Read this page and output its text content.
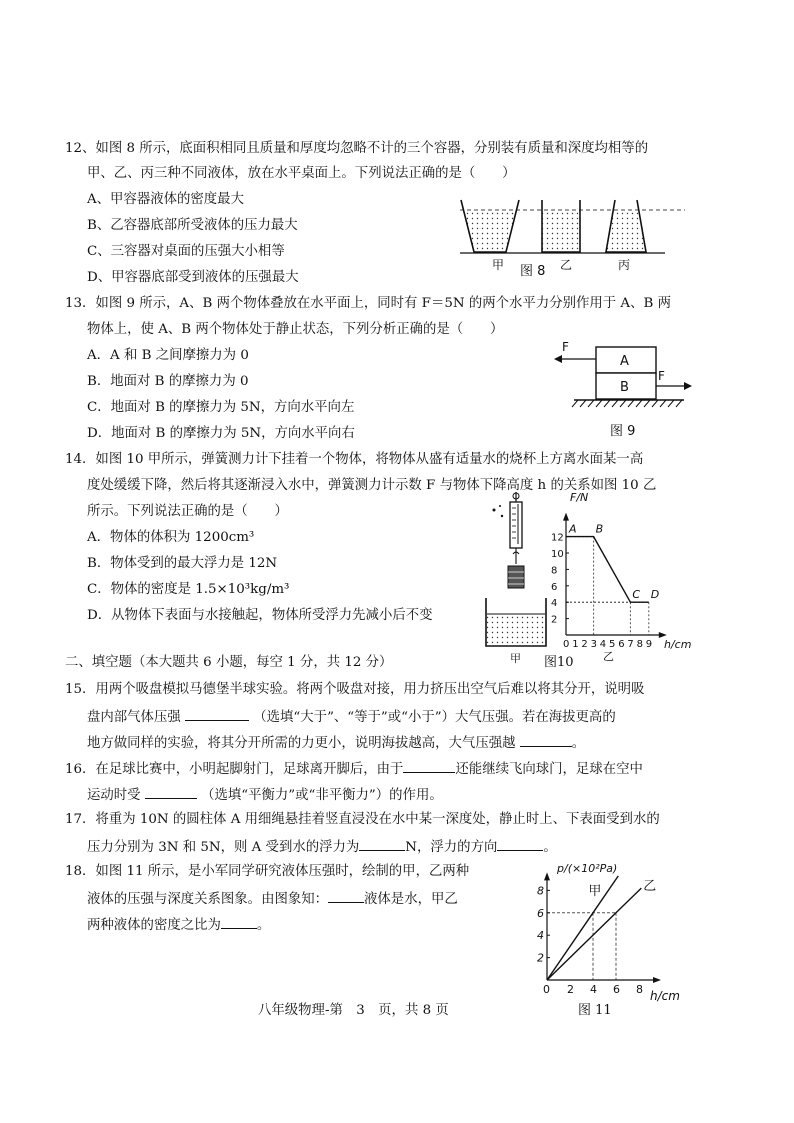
12、如图 8 所示，底面积相同且质量和厚度均忽略不计的三个容器，分别装有质量和深度均相等的
甲、乙、丙三种不同液体，放在水平桌面上。下列说法正确的是（　　）
A、甲容器液体的密度最大
B、乙容器底部所受液体的压力最大
C、三容器对桌面的压强大小相等
D、甲容器底部受到液体的压强最大
甲 图 8 乙	丙
13．如图 9 所示，A、B 两个物体叠放在水平面上，同时有 F＝5N 的两个水平力分别作用于 A、B 两
物体上，使 A、B 两个物体处于静止状态，下列分析正确的是（　　）
A．A 和 B 之间摩擦力为 0
B．地面对 B 的摩擦力为 0
C．地面对 B 的摩擦力为 5N，方向水平向左
D．地面对 B 的摩擦力为 5N，方向水平向右
A
B
F
F
图 9
14．如图 10 甲所示，弹簧测力计下挂着一个物体，将物体从盛有适量水的烧杯上方离水面某一高
度处缓缓下降，然后将其逐渐浸入水中，弹簧测力计示数 F 与物体下降高度 h 的关系如图 10 乙
所示。下列说法正确的是（　　）
A．物体的体积为 1200cm³
B．物体受到的最大浮力是 12N
C．物体的密度是 1.5×10³kg/m³
D．从物体下表面与水接触起，物体所受浮力先减小后不变
甲
0 1 2 3 4 5 6 7 8 9
2
4
6
8
10
12
A B
C D
F/N
h/cm
乙
图10
二、填空题（本大题共 6 小题，每空 1 分，共 12 分）
15．用两个吸盘模拟马德堡半球实验。将两个吸盘对接，用力挤压出空气后难以将其分开，说明吸
盘内部气体压强	（选填“大于”、“等于”或“小于”）大气压强。若在海拔更高的
地方做同样的实验，将其分开所需的力更小，说明海拔越高，大气压强越	。
16．在足球比赛中，小明起脚射门，足球离开脚后，由于	还能继续飞向球门，足球在空中
运动时受	（选填“平衡力”或“非平衡力”）的作用。
17．将重为 10N 的圆柱体 A 用细绳悬挂着竖直浸没在水中某一深度处，静止时上、下表面受到水的
压力分别为 3N 和 5N，则 A 受到水的浮力为	N，浮力的方向	。
18．如图 11 所示，是小军同学研究液体压强时，绘制的甲，乙两种
液体的压强与深度关系图象。由图象知：	液体是水，甲乙
两种液体的密度之比为	。
0 2 4 6 8
2
4
6
8	甲	乙
p/(×10²Pa)
h/cm
图 11
八年级物理-第　3　页，共 8 页
